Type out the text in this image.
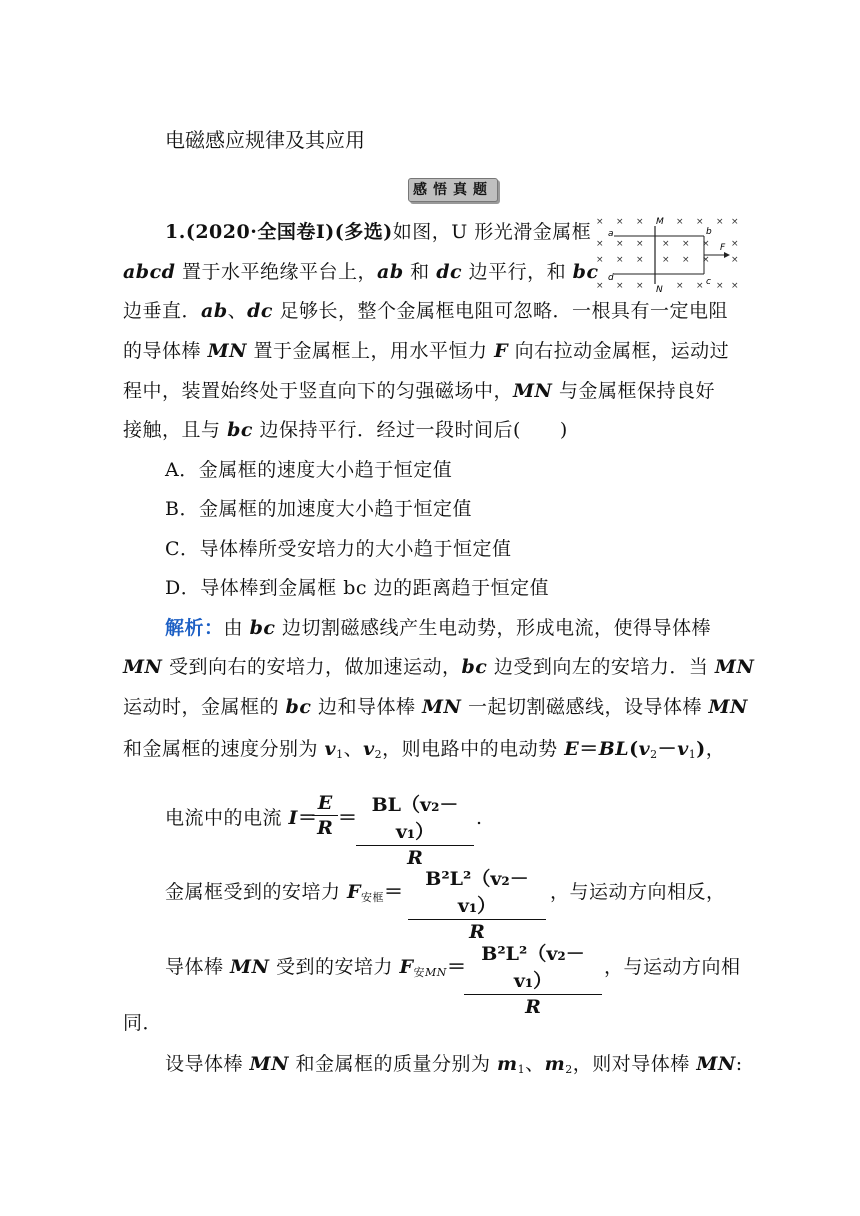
电磁感应规律及其应用
感悟真题
× × ×	× × × ×
× × × × × × ×
× × × × × × ×
× × ×	× × × ×
a	b
c
d
M
N
F
1.(2020·全国卷Ⅰ)(多选)如图，U 形光滑金属框
abcd 置于水平绝缘平台上，ab 和 dc 边平行，和 bc
边垂直．ab、dc 足够长，整个金属框电阻可忽略．一根具有一定电阻
的导体棒 MN 置于金属框上，用水平恒力 F 向右拉动金属框，运动过
程中，装置始终处于竖直向下的匀强磁场中，MN 与金属框保持良好
接触，且与 bc 边保持平行．经过一段时间后(　　)
A．金属框的速度大小趋于恒定值
B．金属框的加速度大小趋于恒定值
C．导体棒所受安培力的大小趋于恒定值
D．导体棒到金属框 bc 边的距离趋于恒定值
解析：由 bc 边切割磁感线产生电动势，形成电流，使得导体棒
MN 受到向右的安培力，做加速运动，bc 边受到向左的安培力．当 MN
运动时，金属框的 bc 边和导体棒 MN 一起切割磁感线，设导体棒 MN
和金属框的速度分别为 $v_1$、$v_2$，则电路中的电动势 $E=BL(v_2-v_1)$，
电流中的电流 I＝
E
R ＝
BL（v₂－v₁）
R
.
金属框受到的安培力 $F_{安框}=$
B²L²（v₂－v₁）
R
，与运动方向相反，
导体棒 MN 受到的安培力 $F_{安MN}=$
B²L²（v₂－v₁）
R
，与运动方向相
同．
设导体棒 MN 和金属框的质量分别为 $m_1$、$m_2$，则对导体棒 MN:
